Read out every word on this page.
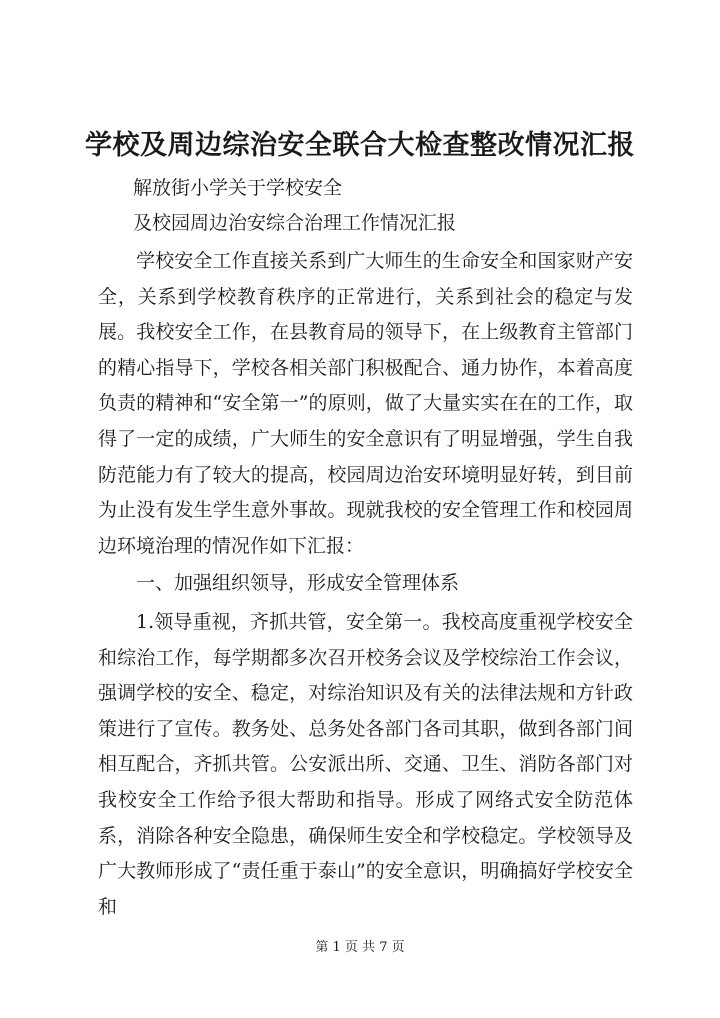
学校及周边综治安全联合大检查整改情况汇报
解放街小学关于学校安全
及校园周边治安综合治理工作情况汇报

学校安全工作直接关系到广大师生的生命安全和国家财产安全，关系到学校教育秩序的正常进行，关系到社会的稳定与发展。我校安全工作，在县教育局的领导下，在上级教育主管部门的精心指导下，学校各相关部门积极配合、通力协作，本着高度负责的精神和“安全第一”的原则，做了大量实实在在的工作，取得了一定的成绩，广大师生的安全意识有了明显增强，学生自我防范能力有了较大的提高，校园周边治安环境明显好转，到目前为止没有发生学生意外事故。现就我校的安全管理工作和校园周边环境治理的情况作如下汇报：

一、加强组织领导，形成安全管理体系

1.领导重视，齐抓共管，安全第一。我校高度重视学校安全和综治工作，每学期都多次召开校务会议及学校综治工作会议，强调学校的安全、稳定，对综治知识及有关的法律法规和方针政策进行了宣传。教务处、总务处各部门各司其职，做到各部门间相互配合，齐抓共管。公安派出所、交通、卫生、消防各部门对我校安全工作给予很大帮助和指导。形成了网络式安全防范体系，消除各种安全隐患，确保师生安全和学校稳定。学校领导及广大教师形成了“责任重于泰山”的安全意识，明确搞好学校安全和

第 1 页 共 7 页
